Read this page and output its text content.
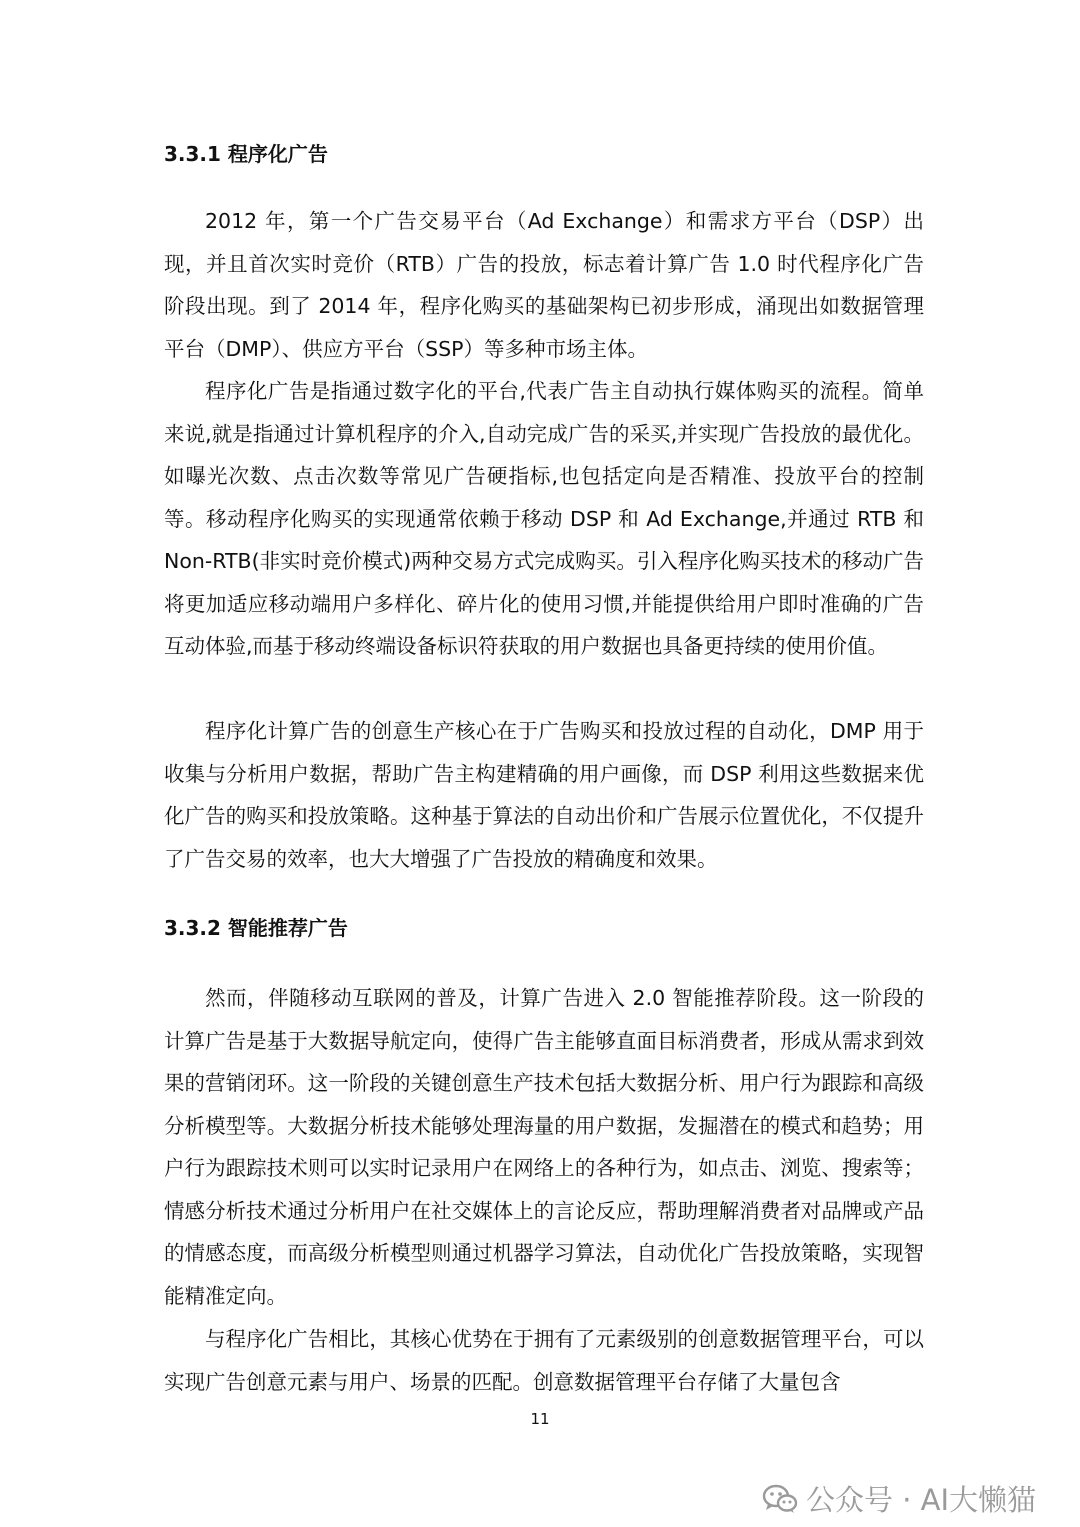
3.3.1 程序化广告

2012 年，第一个广告交易平台（Ad Exchange）和需求方平台（DSP）出现，并且首次实时竞价（RTB）广告的投放，标志着计算广告 1.0 时代程序化广告阶段出现。到了 2014 年，程序化购买的基础架构已初步形成，涌现出如数据管理平台（DMP）、供应方平台（SSP）等多种市场主体。

程序化广告是指通过数字化的平台,代表广告主自动执行媒体购买的流程。简单来说,就是指通过计算机程序的介入,自动完成广告的采买,并实现广告投放的最优化。如曝光次数、点击次数等常见广告硬指标,也包括定向是否精准、投放平台的控制等。移动程序化购买的实现通常依赖于移动 DSP 和 Ad Exchange,并通过 RTB 和 Non-RTB(非实时竞价模式)两种交易方式完成购买。引入程序化购买技术的移动广告将更加适应移动端用户多样化、碎片化的使用习惯,并能提供给用户即时准确的广告互动体验,而基于移动终端设备标识符获取的用户数据也具备更持续的使用价值。

程序化计算广告的创意生产核心在于广告购买和投放过程的自动化，DMP 用于收集与分析用户数据，帮助广告主构建精确的用户画像，而 DSP 利用这些数据来优化广告的购买和投放策略。这种基于算法的自动出价和广告展示位置优化，不仅提升了广告交易的效率，也大大增强了广告投放的精确度和效果。

3.3.2 智能推荐广告

然而，伴随移动互联网的普及，计算广告进入 2.0 智能推荐阶段。这一阶段的计算广告是基于大数据导航定向，使得广告主能够直面目标消费者，形成从需求到效果的营销闭环。这一阶段的关键创意生产技术包括大数据分析、用户行为跟踪和高级分析模型等。大数据分析技术能够处理海量的用户数据，发掘潜在的模式和趋势；用户行为跟踪技术则可以实时记录用户在网络上的各种行为，如点击、浏览、搜索等；情感分析技术通过分析用户在社交媒体上的言论反应，帮助理解消费者对品牌或产品的情感态度，而高级分析模型则通过机器学习算法，自动优化广告投放策略，实现智能精准定向。

与程序化广告相比，其核心优势在于拥有了元素级别的创意数据管理平台，可以实现广告创意元素与用户、场景的匹配。创意数据管理平台存储了大量包含

11
公众号 · AI大懒猫
